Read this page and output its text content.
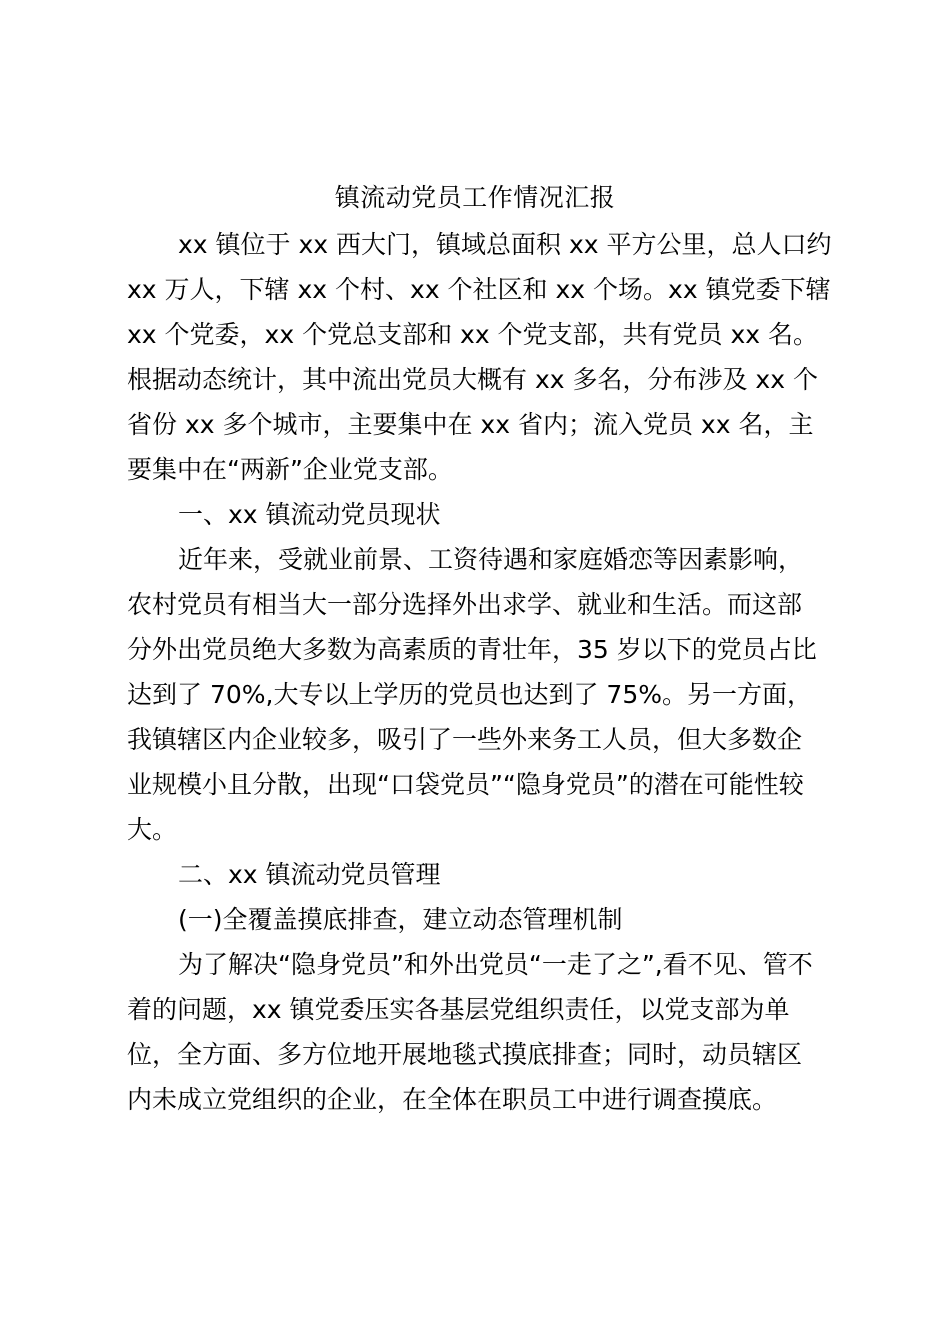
镇流动党员工作情况汇报
xx 镇位于 xx 西大门，镇域总面积 xx 平方公里，总人口约
xx 万人，下辖 xx 个村、xx 个社区和 xx 个场。xx 镇党委下辖
xx 个党委，xx 个党总支部和 xx 个党支部，共有党员 xx 名。
根据动态统计，其中流出党员大概有 xx 多名，分布涉及 xx 个
省份 xx 多个城市，主要集中在 xx 省内；流入党员 xx 名，主
要集中在“两新”企业党支部。
一、xx 镇流动党员现状
近年来，受就业前景、工资待遇和家庭婚恋等因素影响，
农村党员有相当大一部分选择外出求学、就业和生活。而这部
分外出党员绝大多数为高素质的青壮年，35 岁以下的党员占比
达到了 70%,大专以上学历的党员也达到了 75%。另一方面，
我镇辖区内企业较多，吸引了一些外来务工人员，但大多数企
业规模小且分散，出现“口袋党员”“隐身党员”的潜在可能性较
大。
二、xx 镇流动党员管理
(一)全覆盖摸底排查，建立动态管理机制
为了解决“隐身党员”和外出党员“一走了之”,看不见、管不
着的问题，xx 镇党委压实各基层党组织责任，以党支部为单
位，全方面、多方位地开展地毯式摸底排查；同时，动员辖区
内未成立党组织的企业，在全体在职员工中进行调查摸底。
